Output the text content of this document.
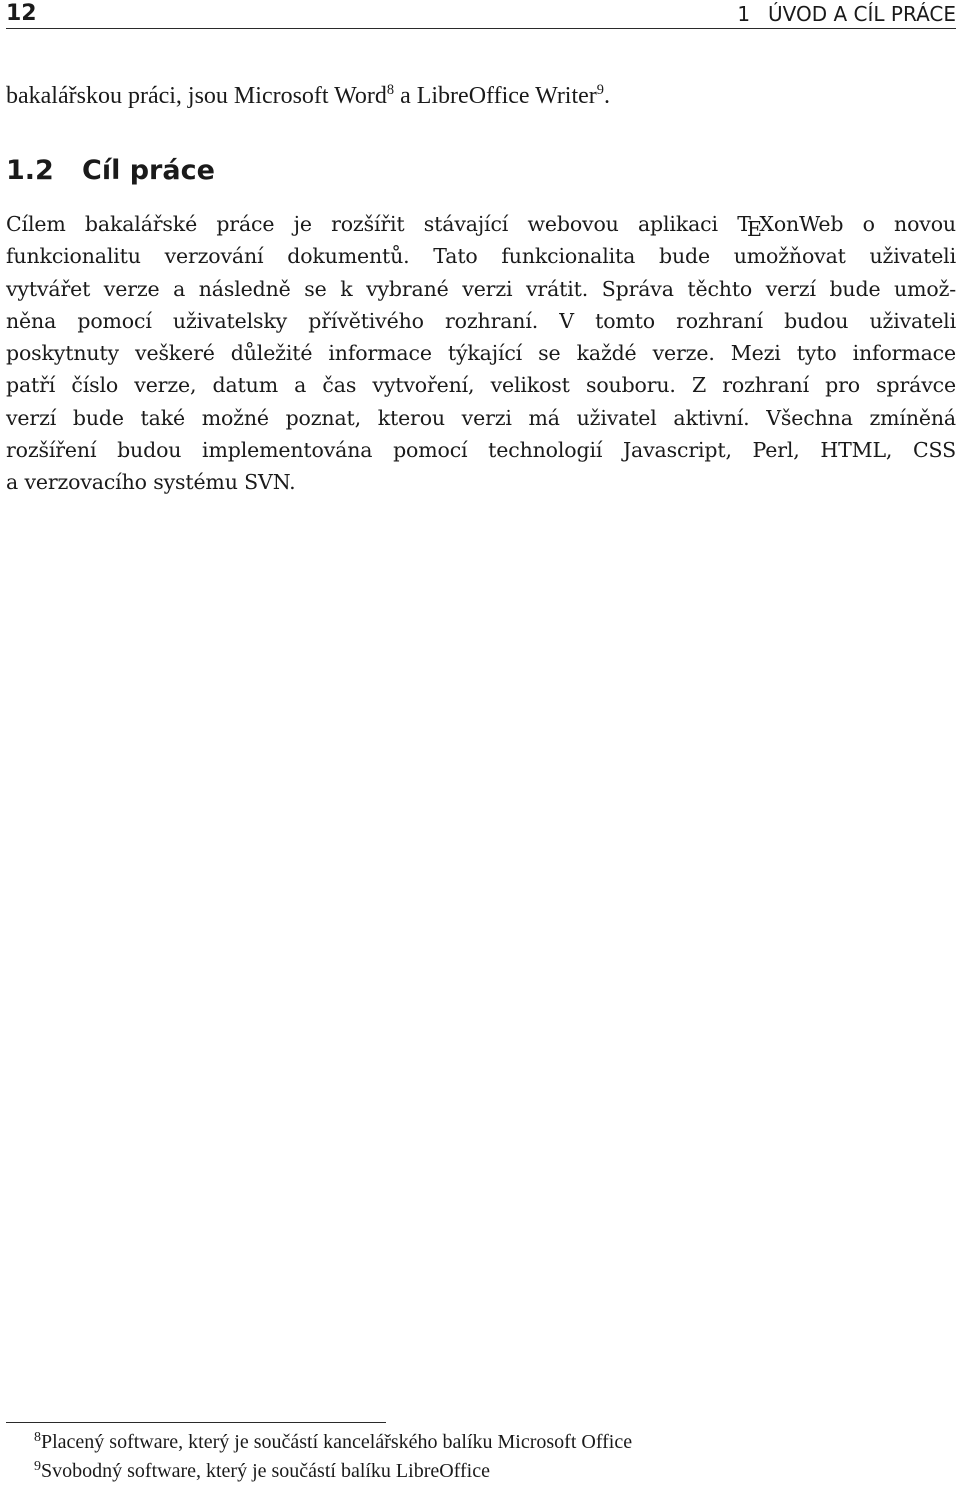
12	1 ÚVOD A CÍL PRÁCE
bakalářskou práci, jsou Microsoft Word$^8$ a LibreOffice Writer$^9$.
1.2 Cíl práce
Cílem bakalářské práce je rozšířit stávající webovou aplikaci TEXonWeb o novou
funkcionalitu verzování dokumentů. Tato funkcionalita bude umožňovat uživateli
vytvářet verze a následně se k vybrané verzi vrátit. Správa těchto verzí bude umož-
něna pomocí uživatelsky přívětivého rozhraní. V tomto rozhraní budou uživateli
poskytnuty veškeré důležité informace týkající se každé verze. Mezi tyto informace
patří číslo verze, datum a čas vytvoření, velikost souboru. Z rozhraní pro správce
verzí bude také možné poznat, kterou verzi má uživatel aktivní. Všechna zmíněná
rozšíření budou implementována pomocí technologií Javascript, Perl, HTML, CSS
a verzovacího systému SVN.
$^8$Placený software, který je součástí kancelářského balíku Microsoft Office
$^9$Svobodný software, který je součástí balíku LibreOffice
